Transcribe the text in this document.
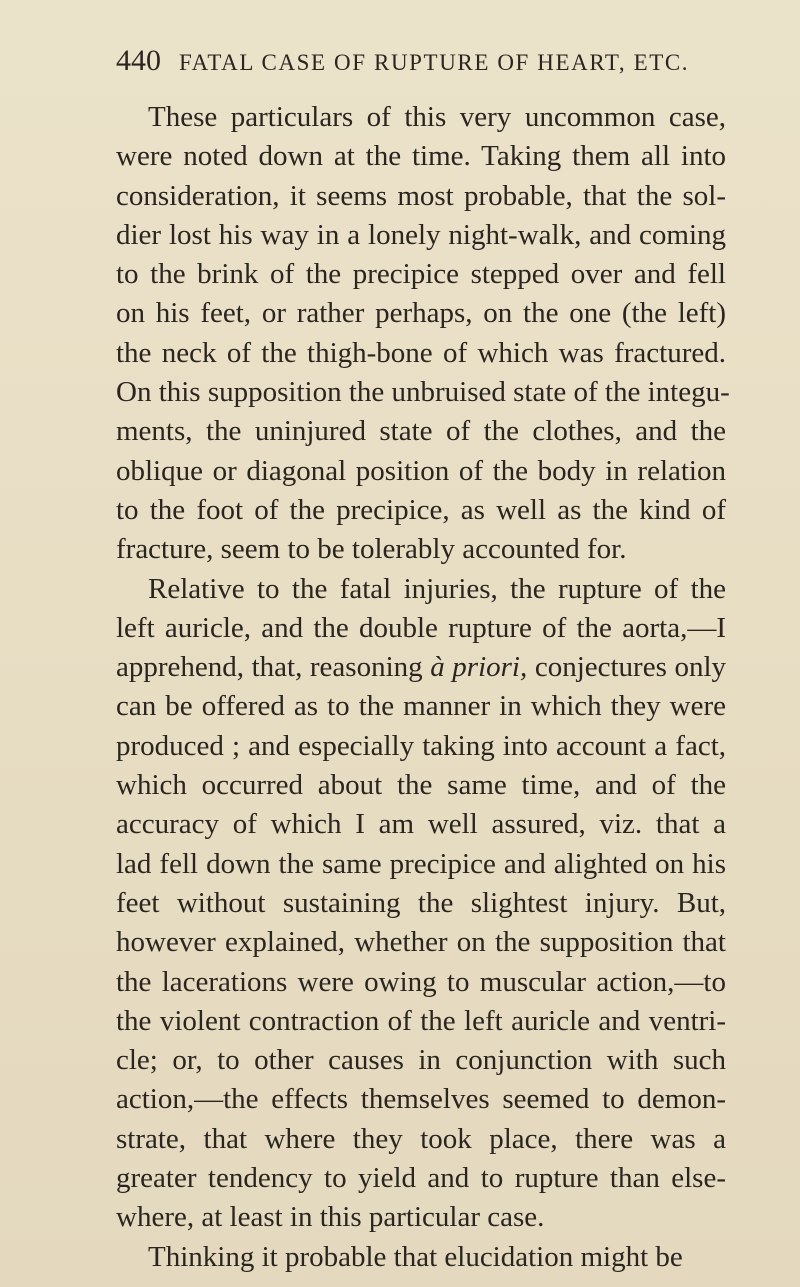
440 FATAL CASE OF RUPTURE OF HEART, ETC.
These particulars of this very uncommon case,
were noted down at the time. Taking them all into
consideration, it seems most probable, that the sol-
dier lost his way in a lonely night-walk, and coming
to the brink of the precipice stepped over and fell
on his feet, or rather perhaps, on the one (the left)
the neck of the thigh-bone of which was fractured.
On this supposition the unbruised state of the integu-
ments, the uninjured state of the clothes, and the
oblique or diagonal position of the body in relation
to the foot of the precipice, as well as the kind of
fracture, seem to be tolerably accounted for.
Relative to the fatal injuries, the rupture of the
left auricle, and the double rupture of the aorta,—I
apprehend, that, reasoning à priori, conjectures only
can be offered as to the manner in which they were
produced ; and especially taking into account a fact,
which occurred about the same time, and of the
accuracy of which I am well assured, viz. that a
lad fell down the same precipice and alighted on his
feet without sustaining the slightest injury. But,
however explained, whether on the supposition that
the lacerations were owing to muscular action,—to
the violent contraction of the left auricle and ventri-
cle; or, to other causes in conjunction with such
action,—the effects themselves seemed to demon-
strate, that where they took place, there was a
greater tendency to yield and to rupture than else-
where, at least in this particular case.
Thinking it probable that elucidation might be
